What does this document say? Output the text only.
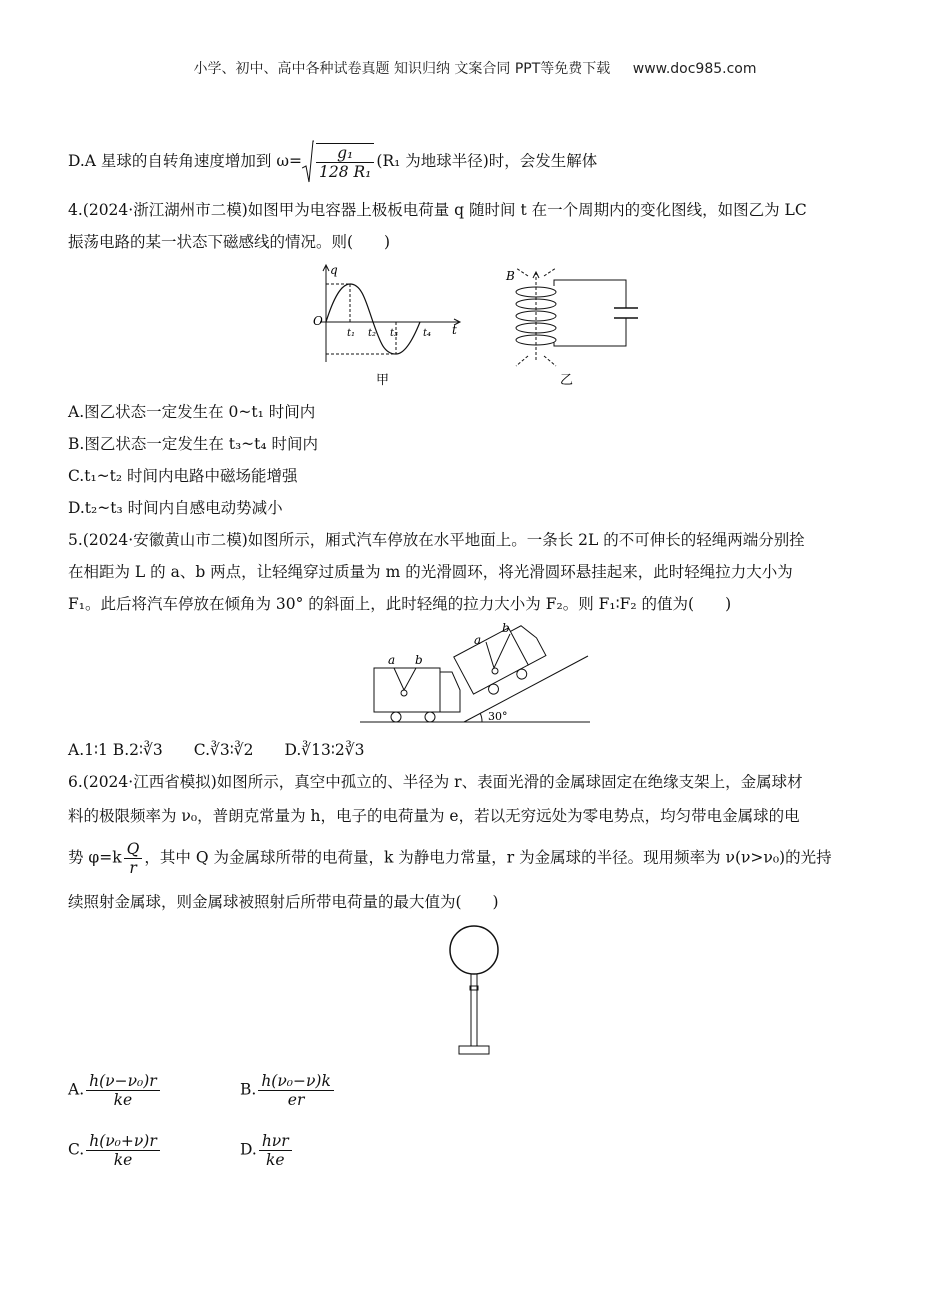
小学、初中、高中各种试卷真题 知识归纳 文案合同 PPT等免费下载 www.doc985.com
D.A 星球的自转角速度增加到 $\omega= \frac{\text{g₁}}{\text{128 R₁}} (R_1$ 为地球半径)时，会发生解体
4.(2024·浙江湖州市二模)如图甲为电容器上极板电荷量 q 随时间 t 在一个周期内的变化图线，如图乙为 LC
振荡电路的某一状态下磁感线的情况。则(　　)
q
t
O
t₁ t₂ t₃ t₄
甲
B
乙
A.图乙状态一定发生在 0~t₁ 时间内
B.图乙状态一定发生在 t₃~t₄ 时间内
C.t₁~t₂ 时间内电路中磁场能增强
D.t₂~t₃ 时间内自感电动势减小
5.(2024·安徽黄山市二模)如图所示，厢式汽车停放在水平地面上。一条长 2L 的不可伸长的轻绳两端分别拴
在相距为 L 的 a、b 两点，让轻绳穿过质量为 m 的光滑圆环，将光滑圆环悬挂起来，此时轻绳拉力大小为
F₁。此后将汽车停放在倾角为 30° 的斜面上，此时轻绳的拉力大小为 F₂。则 F₁∶F₂ 的值为(　　)
a b
30°
a
b
A.1∶1 B.2∶∛3　　C.∛3∶∛2　　D.∛13∶2∛3
6.(2024·江西省模拟)如图所示，真空中孤立的、半径为 r、表面光滑的金属球固定在绝缘支架上，金属球材
料的极限频率为 ν₀，普朗克常量为 h，电子的电荷量为 e，若以无穷远处为零电势点，均匀带电金属球的电
势 $\varphi=k \frac{Q}{r}$ ，其中 Q 为金属球所带的电荷量，k 为静电力常量，r 为金属球的半径。现用频率为 ν(ν>ν₀)的光持
续照射金属球，则金属球被照射后所带电荷量的最大值为(　　)
A. $\frac{\text{h(ν−ν₀)r}}{ke}$	B. $\frac{\text{h(ν₀−ν)k}}{er}$
C. $\frac{\text{h(ν₀+ν)r}}{ke}$	D. $\frac{\text{hνr}}{ke}$
